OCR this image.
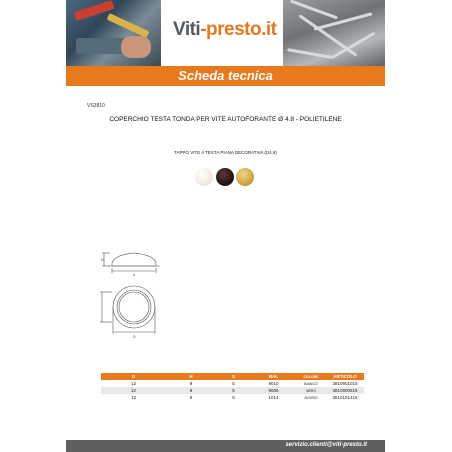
Viti-presto.it
Scheda tecnica
VS3810
COPERCHIO TESTA TONDA PER VITE AUTOFORANTE Ø 4.8 - POLIETILENE
TAPPO VITE A TESTA PIANA DECORATIVA (D4.8)
H
d
D
D	H	S	RAL	COLORE	ARTICOLO
12	9	5	9010	BIANCO	3810901015
12	9	5	9005	NERO	3810900515
12	9	5	1014	AVORIO	3810101415
servizio.clienti@viti-presto.it
